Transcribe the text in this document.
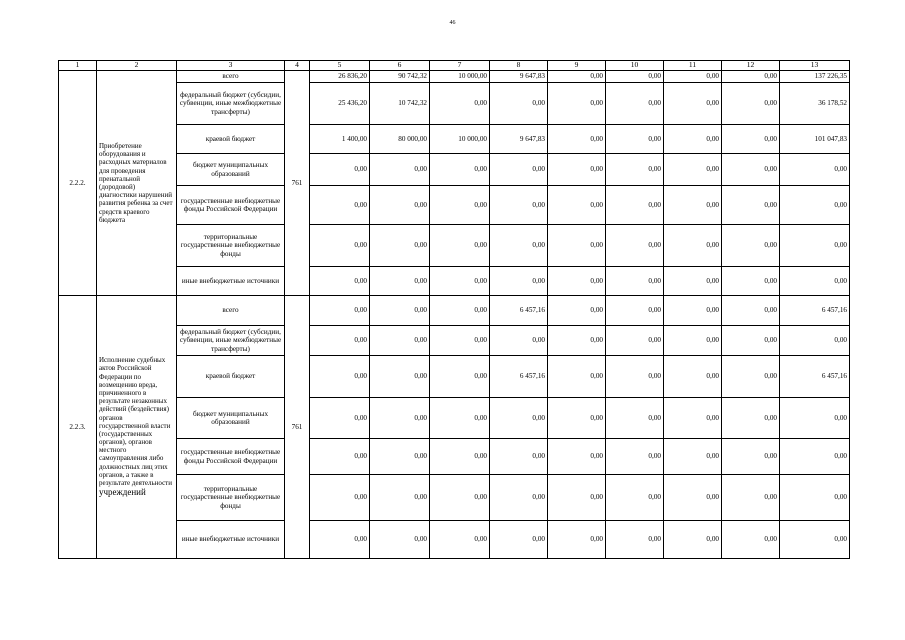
46
1	2	3	4	5	6	7	8	9	10	11	12	13
2.2.2.	Приобретение оборудования и расходных материалов для проведения пренатальной (дородовой) диагностики нарушений развития ребенка за счет средств краевого бюджета	всего	761	26 836,20	90 742,32	10 000,00	9 647,83	0,00	0,00	0,00	0,00	137 226,35
		федеральный бюджет (субсидии, субвенции, иные межбюджетные трансферты)		25 436,20	10 742,32	0,00	0,00	0,00	0,00	0,00	0,00	36 178,52
		краевой бюджет		1 400,00	80 000,00	10 000,00	9 647,83	0,00	0,00	0,00	0,00	101 047,83
		бюджет муниципальных образований		0,00	0,00	0,00	0,00	0,00	0,00	0,00	0,00	0,00
		государственные внебюджетные фонды Российской Федерации		0,00	0,00	0,00	0,00	0,00	0,00	0,00	0,00	0,00
		территориальные государственные внебюджетные фонды		0,00	0,00	0,00	0,00	0,00	0,00	0,00	0,00	0,00
		иные внебюджетные источники		0,00	0,00	0,00	0,00	0,00	0,00	0,00	0,00	0,00
2.2.3.	Исполнение судебных актов Российской Федерации по возмещению вреда, причиненного в результате незаконных действий (бездействия) органов государственной власти (государственных органов), органов местного самоуправления либо должностных лиц этих органов, а также в результате деятельности учреждений	всего	761	0,00	0,00	0,00	6 457,16	0,00	0,00	0,00	0,00	6 457,16
		федеральный бюджет (субсидии, субвенции, иные межбюджетные трансферты)		0,00	0,00	0,00	0,00	0,00	0,00	0,00	0,00	0,00
		краевой бюджет		0,00	0,00	0,00	6 457,16	0,00	0,00	0,00	0,00	6 457,16
		бюджет муниципальных образований		0,00	0,00	0,00	0,00	0,00	0,00	0,00	0,00	0,00
		государственные внебюджетные фонды Российской Федерации		0,00	0,00	0,00	0,00	0,00	0,00	0,00	0,00	0,00
		территориальные государственные внебюджетные фонды		0,00	0,00	0,00	0,00	0,00	0,00	0,00	0,00	0,00
		иные внебюджетные источники		0,00	0,00	0,00	0,00	0,00	0,00	0,00	0,00	0,00
